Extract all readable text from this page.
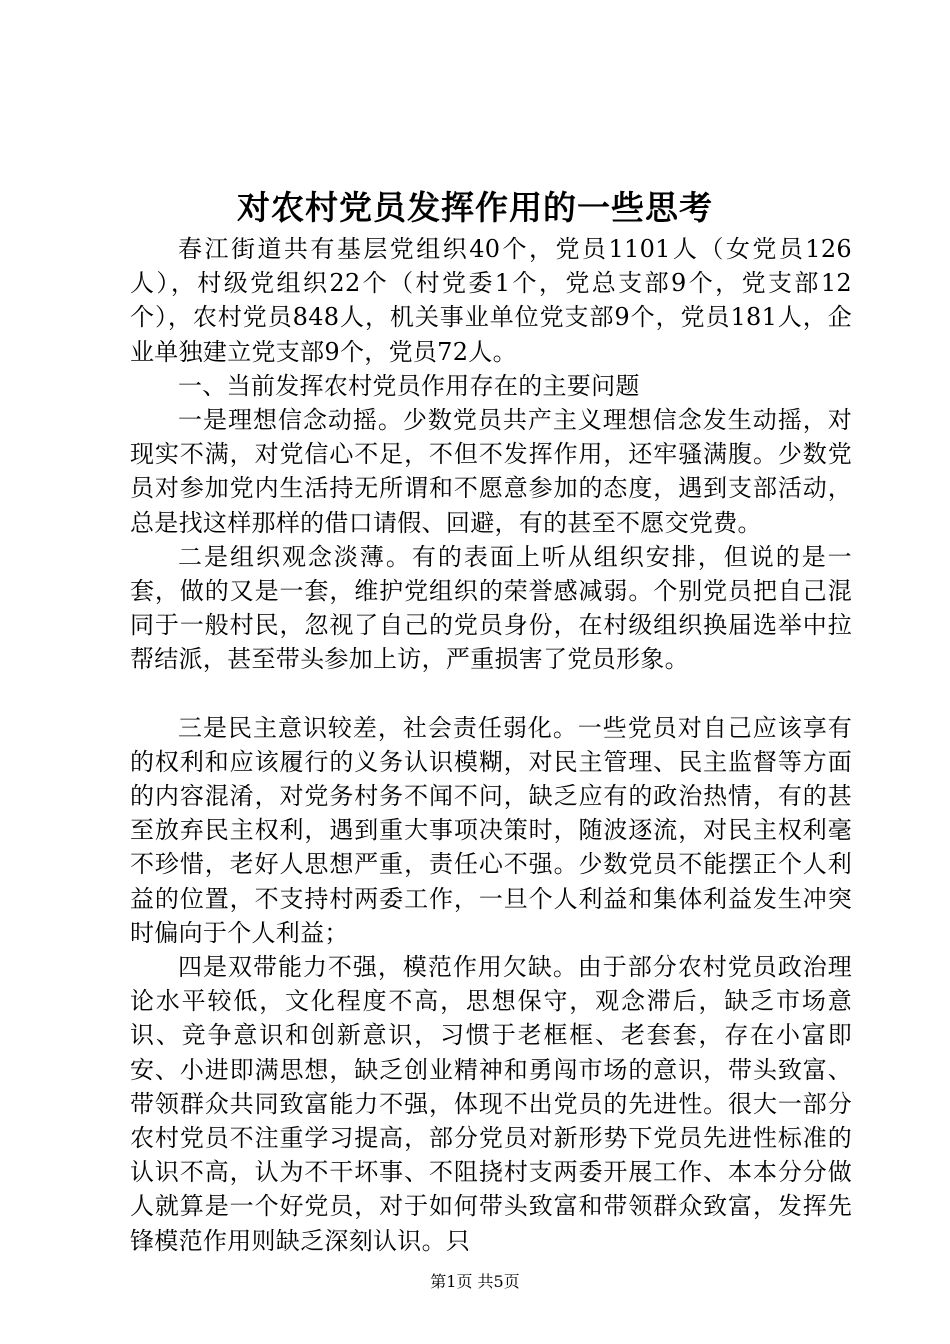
对农村党员发挥作用的一些思考

春江街道共有基层党组织40个，党员1101人（女党员126人），村级党组织22个（村党委1个，党总支部9个，党支部12个），农村党员848人，机关事业单位党支部9个，党员181人，企业单独建立党支部9个，党员72人。

一、当前发挥农村党员作用存在的主要问题

一是理想信念动摇。少数党员共产主义理想信念发生动摇，对现实不满，对党信心不足，不但不发挥作用，还牢骚满腹。少数党员对参加党内生活持无所谓和不愿意参加的态度，遇到支部活动，总是找这样那样的借口请假、回避，有的甚至不愿交党费。

二是组织观念淡薄。有的表面上听从组织安排，但说的是一套，做的又是一套，维护党组织的荣誉感减弱。个别党员把自己混同于一般村民，忽视了自己的党员身份，在村级组织换届选举中拉帮结派，甚至带头参加上访，严重损害了党员形象。

三是民主意识较差，社会责任弱化。一些党员对自己应该享有的权利和应该履行的义务认识模糊，对民主管理、民主监督等方面的内容混淆，对党务村务不闻不问，缺乏应有的政治热情，有的甚至放弃民主权利，遇到重大事项决策时，随波逐流，对民主权利毫不珍惜，老好人思想严重，责任心不强。少数党员不能摆正个人利益的位置，不支持村两委工作，一旦个人利益和集体利益发生冲突时偏向于个人利益；

四是双带能力不强，模范作用欠缺。由于部分农村党员政治理论水平较低，文化程度不高，思想保守，观念滞后，缺乏市场意识、竞争意识和创新意识，习惯于老框框、老套套，存在小富即安、小进即满思想，缺乏创业精神和勇闯市场的意识，带头致富、带领群众共同致富能力不强，体现不出党员的先进性。很大一部分农村党员不注重学习提高，部分党员对新形势下党员先进性标准的认识不高，认为不干坏事、不阻挠村支两委开展工作、本本分分做人就算是一个好党员，对于如何带头致富和带领群众致富，发挥先锋模范作用则缺乏深刻认识。只

第1页 共5页
